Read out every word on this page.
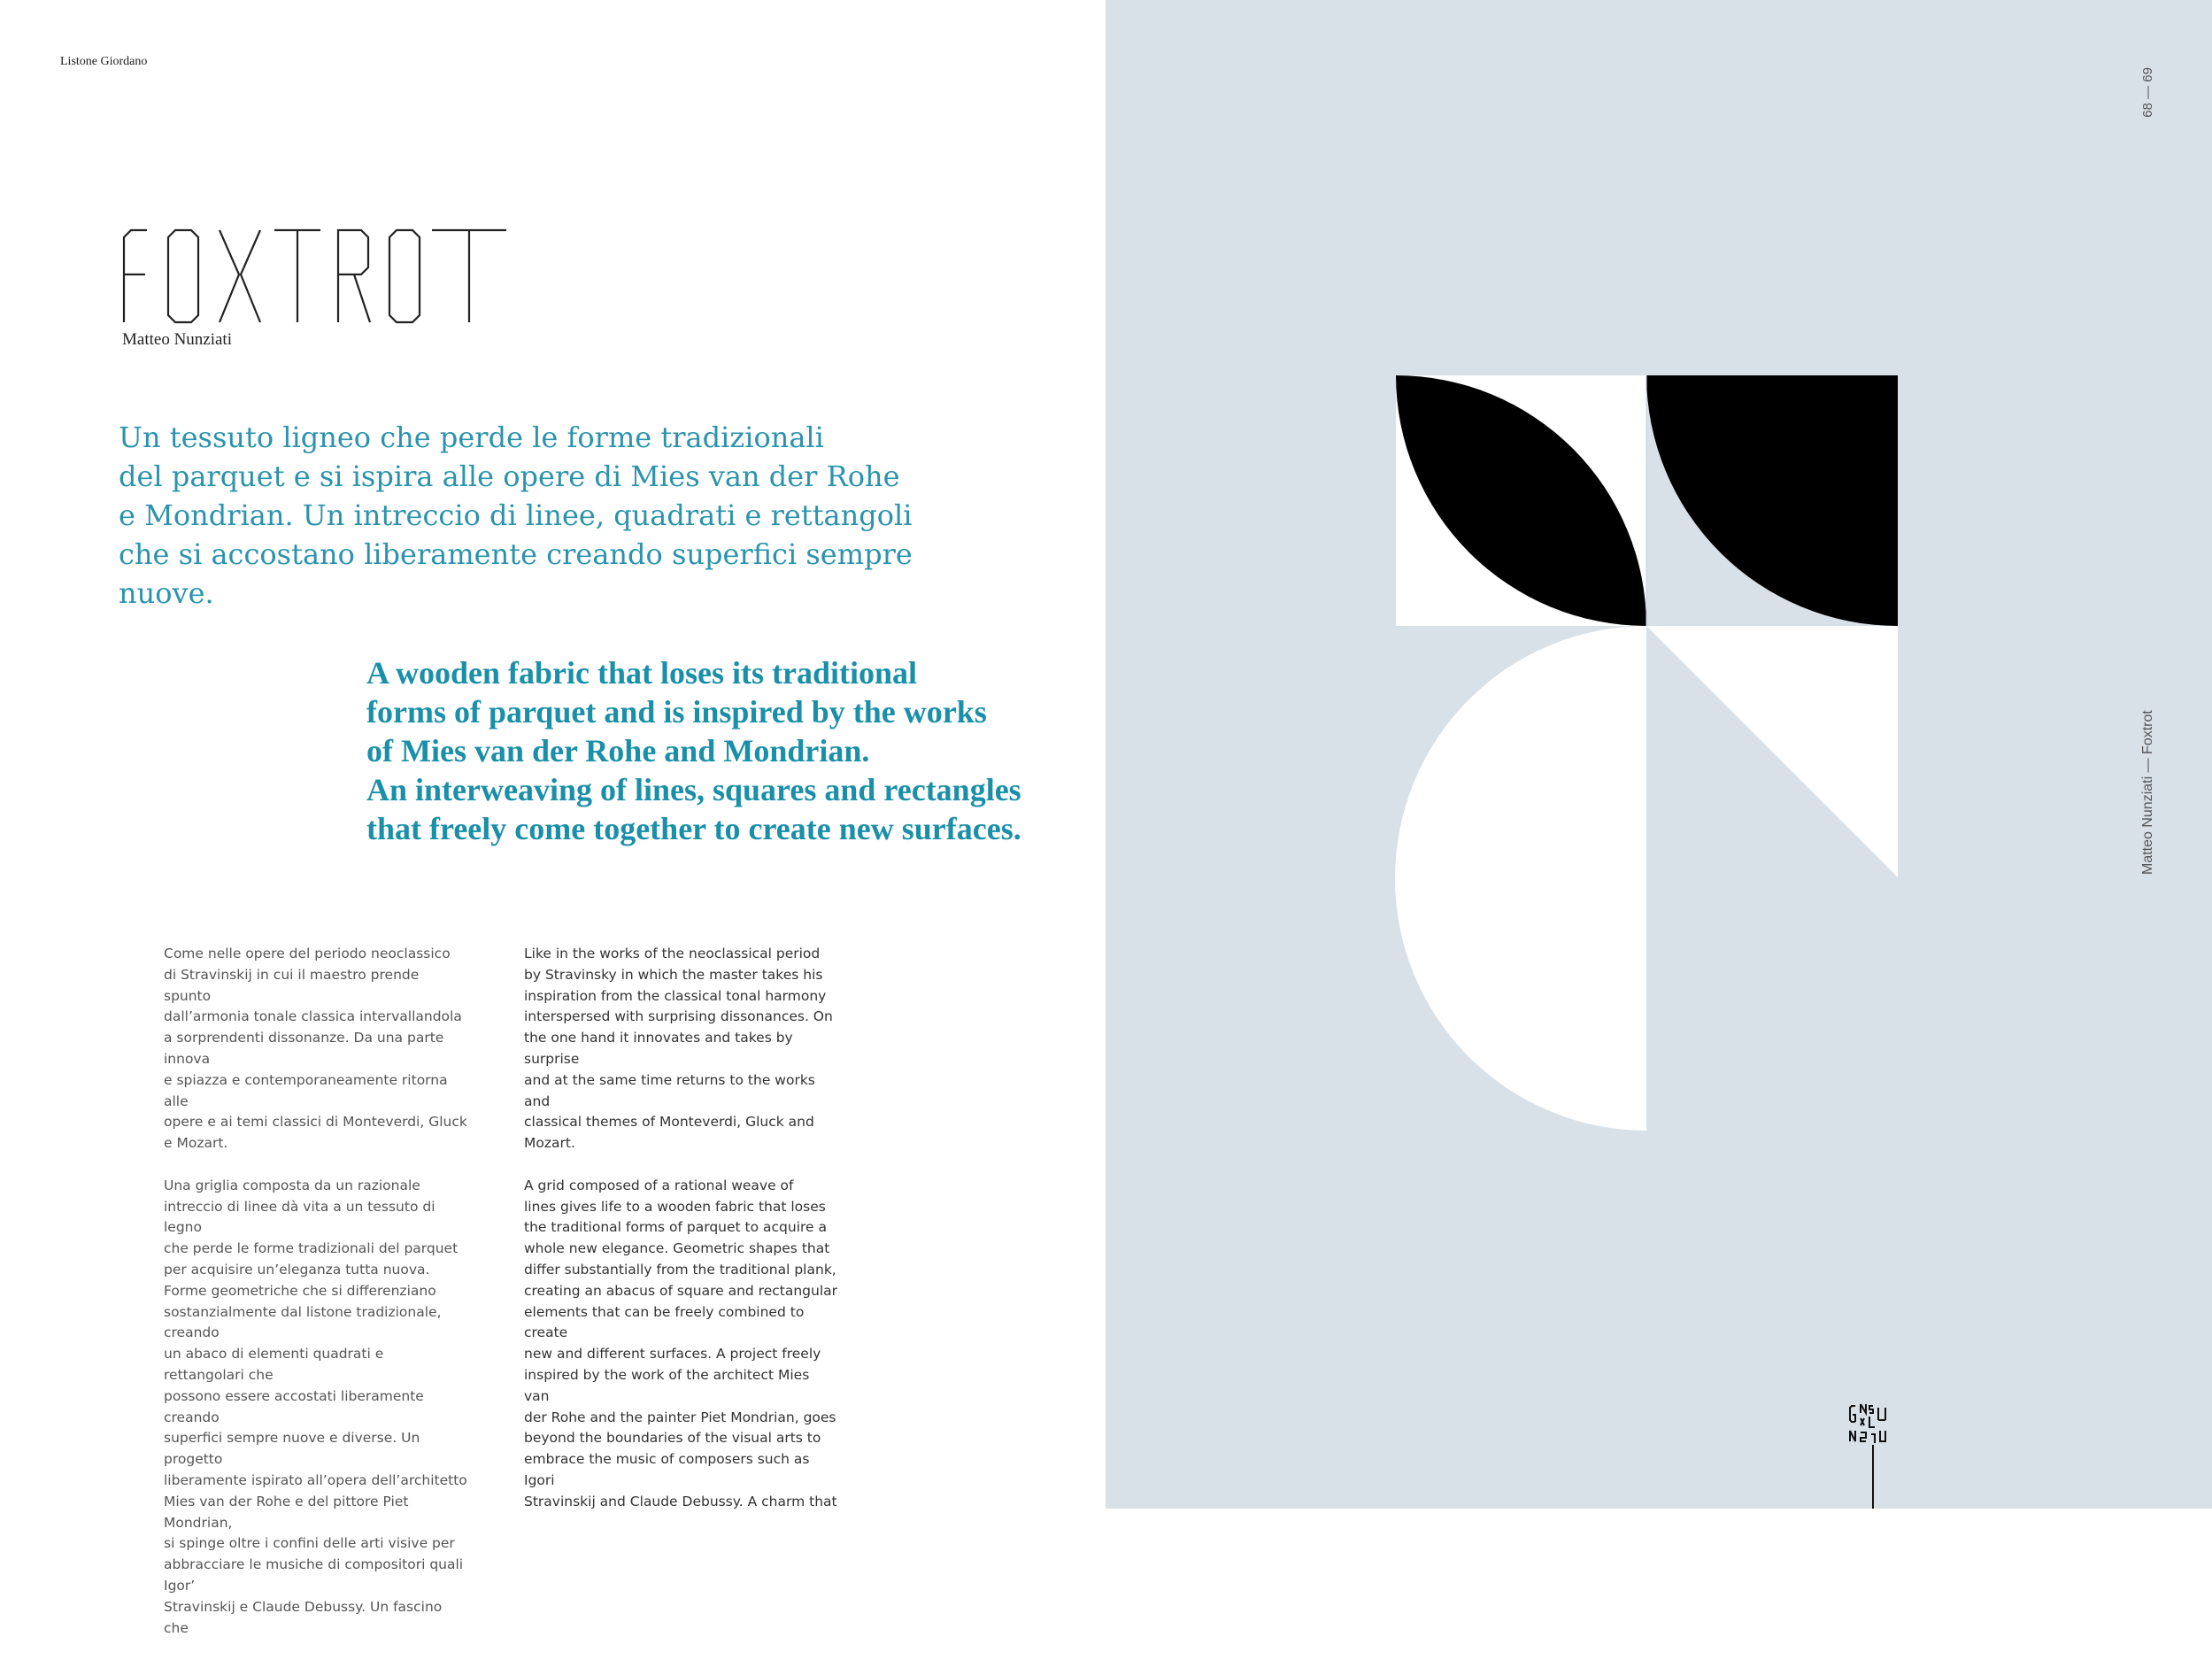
Listone Giordano
Matteo Nunziati
Un tessuto ligneo che perde le forme tradizionali
del parquet e si ispira alle opere di Mies van der Rohe
e Mondrian. Un intreccio di linee, quadrati e rettangoli
che si accostano liberamente creando superfici sempre
nuove.
A wooden fabric that loses its traditional
forms of parquet and is inspired by the works
of Mies van der Rohe and Mondrian.
An interweaving of lines, squares and rectangles
that freely come together to create new surfaces.

Come nelle opere del periodo neoclassico
di Stravinskij in cui il maestro prende spunto
dall’armonia tonale classica intervallandola
a sorprendenti dissonanze. Da una parte innova
e spiazza e contemporaneamente ritorna alle
opere e ai temi classici di Monteverdi, Gluck
e Mozart.

Una griglia composta da un razionale
intreccio di linee dà vita a un tessuto di legno
che perde le forme tradizionali del parquet
per acquisire un’eleganza tutta nuova.
Forme geometriche che si differenziano
sostanzialmente dal listone tradizionale, creando
un abaco di elementi quadrati e rettangolari che
possono essere accostati liberamente creando
superfici sempre nuove e diverse. Un progetto
liberamente ispirato all’opera dell’architetto
Mies van der Rohe e del pittore Piet Mondrian,
si spinge oltre i confini delle arti visive per
abbracciare le musiche di compositori quali Igor’
Stravinskij e Claude Debussy. Un fascino che

Like in the works of the neoclassical period
by Stravinsky in which the master takes his
inspiration from the classical tonal harmony
interspersed with surprising dissonances. On
the one hand it innovates and takes by surprise
and at the same time returns to the works and
classical themes of Monteverdi, Gluck and
Mozart.

A grid composed of a rational weave of
lines gives life to a wooden fabric that loses
the traditional forms of parquet to acquire a
whole new elegance. Geometric shapes that
differ substantially from the traditional plank,
creating an abacus of square and rectangular
elements that can be freely combined to create
new and different surfaces. A project freely
inspired by the work of the architect Mies van
der Rohe and the painter Piet Mondrian, goes
beyond the boundaries of the visual arts to
embrace the music of composers such as Igori
Stravinskij and Claude Debussy. A charm that

68 — 69
Matteo Nunziati — Foxtrot
